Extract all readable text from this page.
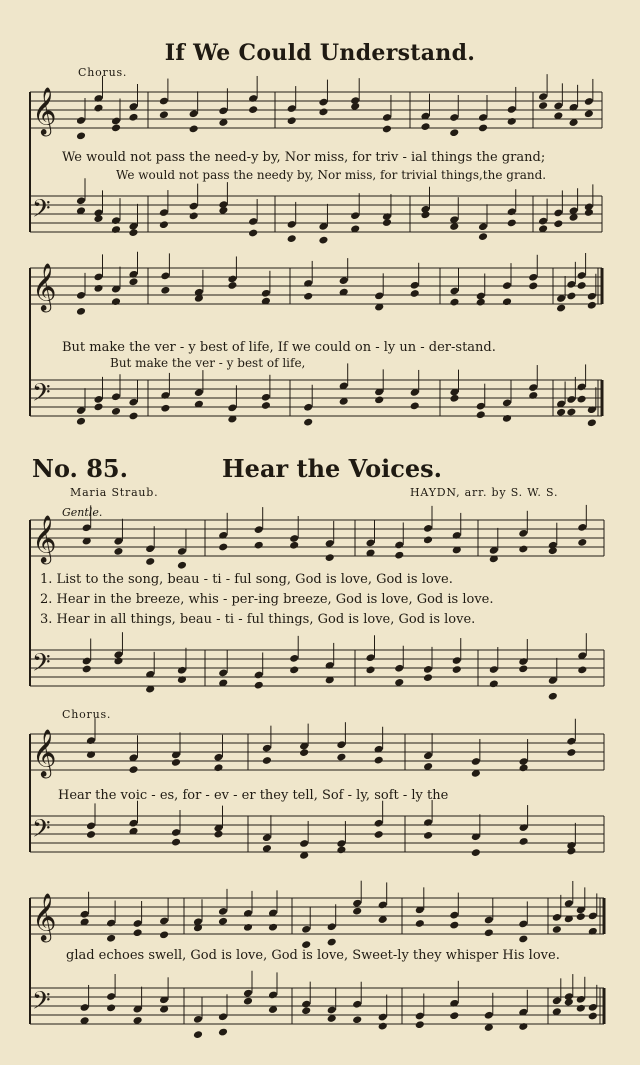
𝄞
𝄢
𝄞
𝄢
𝄞
𝄢
𝄞
𝄢
𝄞
𝄢
If We Could Understand.
Chorus.
We would not pass the need-y by, Nor miss, for triv - ial things the grand;
We would not pass the needy by, Nor miss, for trivial things,the grand.
But make the ver - y best of life, If we could on - ly un - der-stand.
But make the ver - y best of life,
No. 85.	Hear the Voices.
Maria Straub.	HAYDN, arr. by S. W. S.
Gentle.
1. List to the song, beau - ti - ful song, God is love, God is love.
2. Hear in the breeze, whis - per-ing breeze, God is love, God is love.
3. Hear in all things, beau - ti - ful things, God is love, God is love.
Chorus.
Hear the voic - es, for - ev - er they tell, Sof - ly, soft - ly the
glad echoes swell, God is love, God is love, Sweet-ly they whisper His love.
